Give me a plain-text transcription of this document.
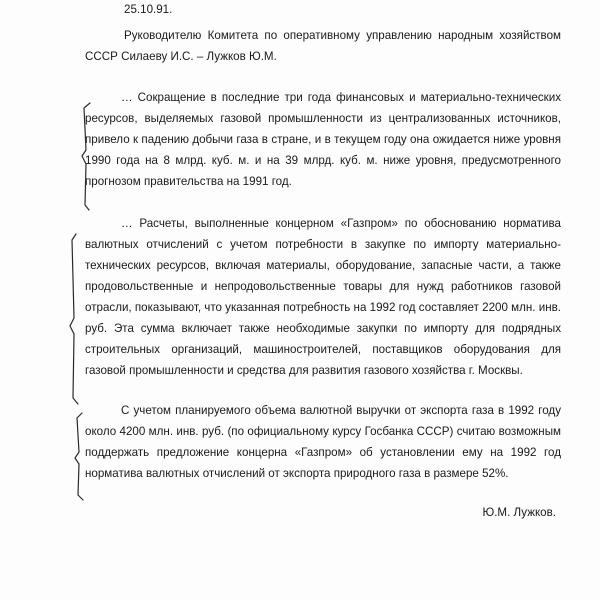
25.10.91.
Руководителю Комитета по оперативному управлению народным хозяйством СССР Силаеву И.С. – Лужков Ю.М.
… Сокращение в последние три года финансовых и материально-технических ресурсов, выделяемых газовой промышленности из централизованных источников, привело к падению добычи газа в стране, и в текущем году она ожидается ниже уровня 1990 года на 8 млрд. куб. м. и на 39 млрд. куб. м. ниже уровня, предусмотренного прогнозом правительства на 1991 год.
… Расчеты, выполненные концерном «Газпром» по обоснованию норматива валютных отчислений с учетом потребности в закупке по импорту материально-технических ресурсов, включая материалы, оборудование, запасные части, а также продовольственные и непродовольственные товары для нужд работников газовой отрасли, показывают, что указанная потребность на 1992 год составляет 2200 млн. инв. руб. Эта сумма включает также необходимые закупки по импорту для подрядных строительных организаций, машиностроителей, поставщиков оборудования для газовой промышленности и средства для развития газового хозяйства г. Москвы.
С учетом планируемого объема валютной выручки от экспорта газа в 1992 году около 4200 млн. инв. руб. (по официальному курсу Госбанка СССР) считаю возможным поддержать предложение концерна «Газпром» об установлении ему на 1992 год норматива валютных отчислений от экспорта природного газа в размере 52%.
Ю.М. Лужков.
